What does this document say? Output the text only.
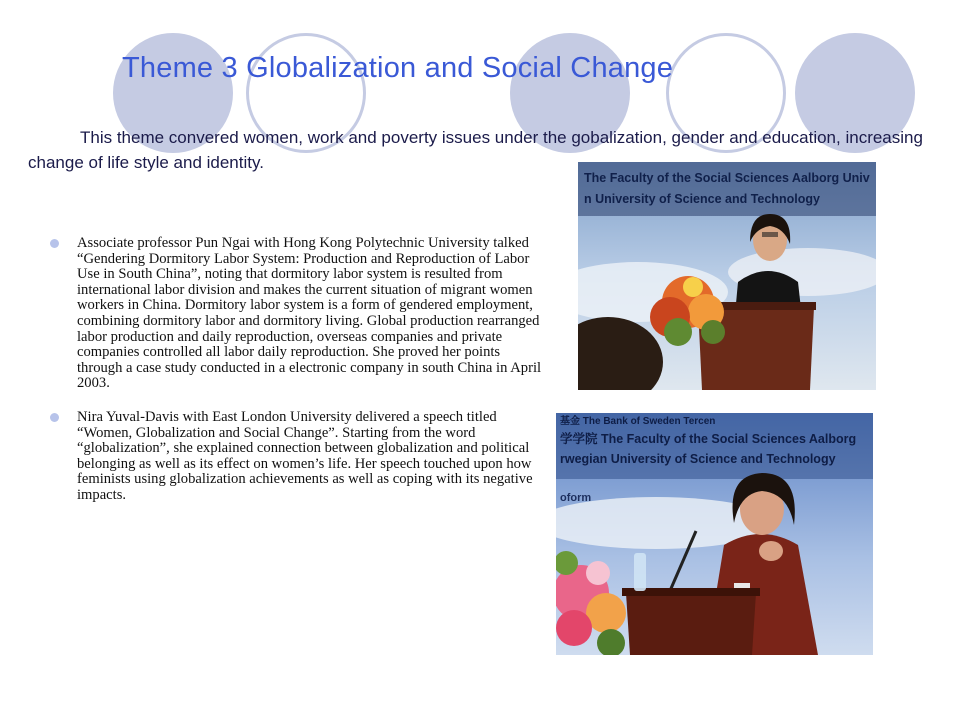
Theme 3 Globalization and Social Change

This theme convered women, work and poverty issues under the gobalization, gender and education, increasing change of life style and identity.

The Faculty of the Social Sciences Aalborg Univ
n University of Science and Technology
基金 The Bank of Sweden Tercen
学学院 The Faculty of the Social Sciences Aalborg
rwegian University of Science and Technology
oform
Associate professor Pun Ngai with Hong Kong Polytechnic University talked “Gendering Dormitory Labor System: Production and Reproduction of Labor Use in South China”, noting that dormitory labor system is resulted from international labor division and makes the current situation of migrant women workers in China. Dormitory labor system is a form of gendered employment, combining dormitory labor and dormitory living. Global production rearranged labor production and daily reproduction, overseas companies and private companies controlled all labor daily reproduction. She proved her points through a case study conducted in a electronic company in south China in April 2003.
Nira Yuval-Davis with East London University delivered a speech titled “Women, Globalization and Social Change”. Starting from the word “globalization”, she explained connection between globalization and political belonging as well as its effect on women’s life. Her speech touched upon how feminists using globalization achievements as well as coping with its negative impacts.
